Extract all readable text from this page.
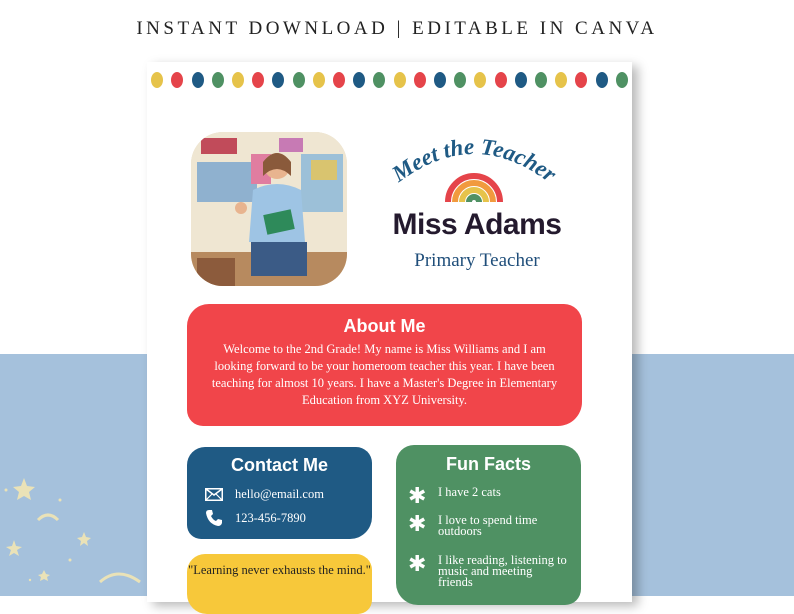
INSTANT DOWNLOAD | EDITABLE IN CANVA
Meet the Teacher
Miss Adams
Primary Teacher
About Me

Welcome to the 2nd Grade! My name is Miss Williams and I am looking forward to be your homeroom teacher this year. I have been teaching for almost 10 years. I have a Master's Degree in Elementary Education from XYZ University.

Contact Me
hello@email.com
123-456-7890
Fun Facts
✱ I have 2 cats
✱ I love to spend time outdoors
✱ I like reading, listening to music and meeting friends
"Learning never exhausts the mind."
